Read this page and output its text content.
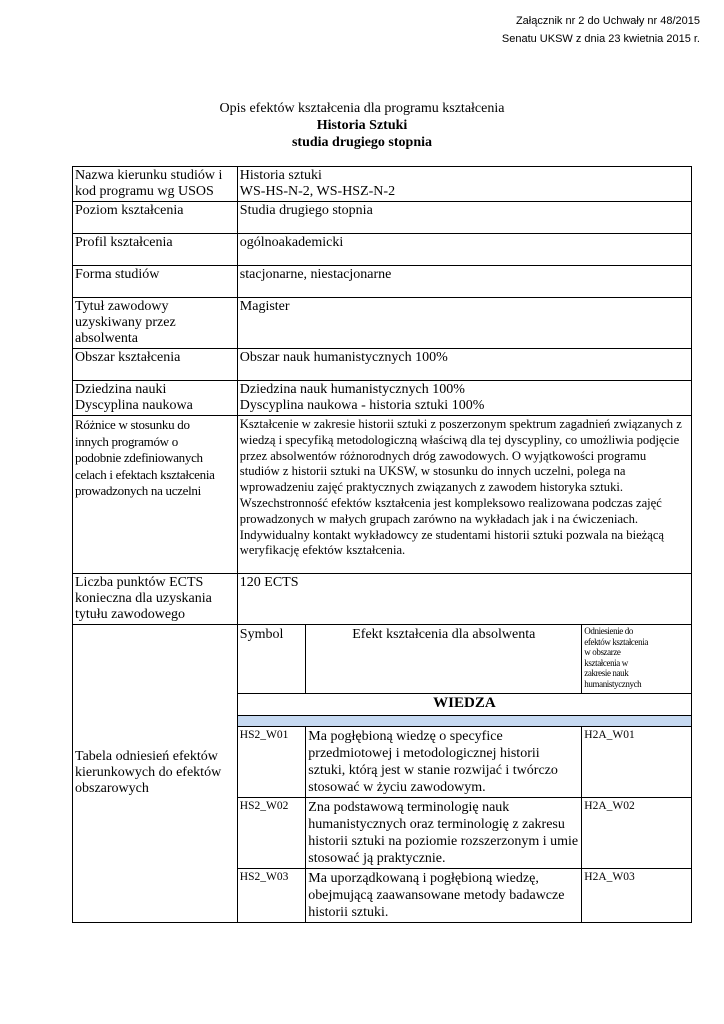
Załącznik nr 2 do Uchwały nr 48/2015
Senatu UKSW z dnia 23 kwietnia 2015 r.
Opis efektów kształcenia dla programu kształcenia
Historia Sztuki
studia drugiego stopnia
Nazwa kierunku studiów i
kod programu wg USOS	Historia sztuki
WS-HS-N-2, WS-HSZ-N-2
Poziom kształcenia	Studia drugiego stopnia
Profil kształcenia	ogólnoakademicki
Forma studiów	stacjonarne, niestacjonarne
Tytuł zawodowy
uzyskiwany przez
absolwenta	Magister
Obszar kształcenia	Obszar nauk humanistycznych 100%
Dziedzina nauki
Dyscyplina naukowa	Dziedzina nauk humanistycznych 100%
Dyscyplina naukowa - historia sztuki 100%
Różnice w stosunku do
innych programów o
podobnie zdefiniowanych
celach i efektach kształcenia
prowadzonych na uczelni	Kształcenie w zakresie historii sztuki z poszerzonym spektrum zagadnień związanych z wiedzą i specyfiką metodologiczną właściwą dla tej dyscypliny, co umożliwia podjęcie przez absolwentów różnorodnych dróg zawodowych. O wyjątkowości programu studiów z historii sztuki na UKSW, w stosunku do innych uczelni, polega na wprowadzeniu zajęć praktycznych związanych z zawodem historyka sztuki.
Wszechstronność efektów kształcenia jest kompleksowo realizowana podczas zajęć prowadzonych w małych grupach zarówno na wykładach jak i na ćwiczeniach. Indywidualny kontakt wykładowcy ze studentami historii sztuki pozwala na bieżącą weryfikację efektów kształcenia.
Liczba punktów ECTS
konieczna dla uzyskania
tytułu zawodowego	120 ECTS
Tabela odniesień efektów
kierunkowych do efektów
obszarowych	
Symbol	Efekt kształcenia dla absolwenta	Odniesienie do
efektów kształcenia
w obszarze
kształcenia w
zakresie nauk
humanistycznych
WIEDZA

HS2_W01	Ma pogłębioną wiedzę o specyfice przedmiotowej i metodologicznej historii sztuki, którą jest w stanie rozwijać i twórczo stosować w życiu zawodowym.	H2A_W01
HS2_W02	Zna podstawową terminologię nauk humanistycznych oraz terminologię z zakresu historii sztuki na poziomie rozszerzonym i umie stosować ją praktycznie.	H2A_W02
HS2_W03	Ma uporządkowaną i pogłębioną wiedzę, obejmującą zaawansowane metody badawcze historii sztuki.	H2A_W03
